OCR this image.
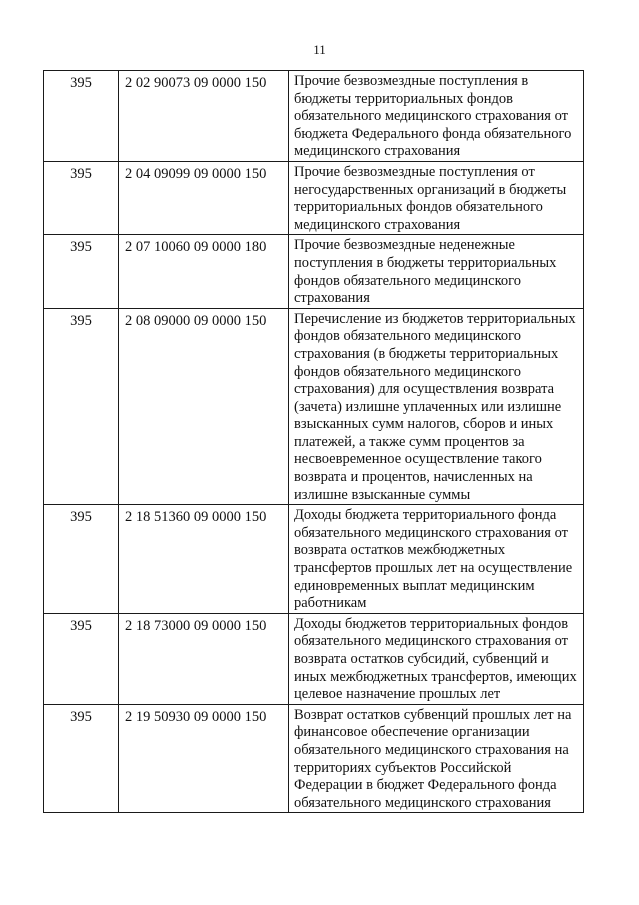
11
395	2 02 90073 09 0000 150	Прочие безвозмездные поступления в бюджеты территориальных фондов обязательного медицинского страхования от бюджета Федерального фонда обязательного медицинского страхования
395	2 04 09099 09 0000 150	Прочие безвозмездные поступления от негосударственных организаций в бюджеты территориальных фондов обязательного медицинского страхования
395	2 07 10060 09 0000 180	Прочие безвозмездные неденежные поступления в бюджеты территориальных фондов обязательного медицинского страхования
395	2 08 09000 09 0000 150	Перечисление из бюджетов территориальных фондов обязательного медицинского страхования (в бюджеты территориальных фондов обязательного медицинского страхования) для осуществления возврата (зачета) излишне уплаченных или излишне взысканных сумм налогов, сборов и иных платежей, а также сумм процентов за несвоевременное осуществление такого возврата и процентов, начисленных на излишне взысканные суммы
395	2 18 51360 09 0000 150	Доходы бюджета территориального фонда обязательного медицинского страхования от возврата остатков межбюджетных трансфертов прошлых лет на осуществление единовременных выплат медицинским работникам
395	2 18 73000 09 0000 150	Доходы бюджетов территориальных фондов обязательного медицинского страхования от возврата остатков субсидий, субвенций и иных межбюджетных трансфертов, имеющих целевое назначение прошлых лет
395	2 19 50930 09 0000 150	Возврат остатков субвенций прошлых лет на финансовое обеспечение организации обязательного медицинского страхования на территориях субъектов Российской Федерации в бюджет Федерального фонда обязательного медицинского страхования
